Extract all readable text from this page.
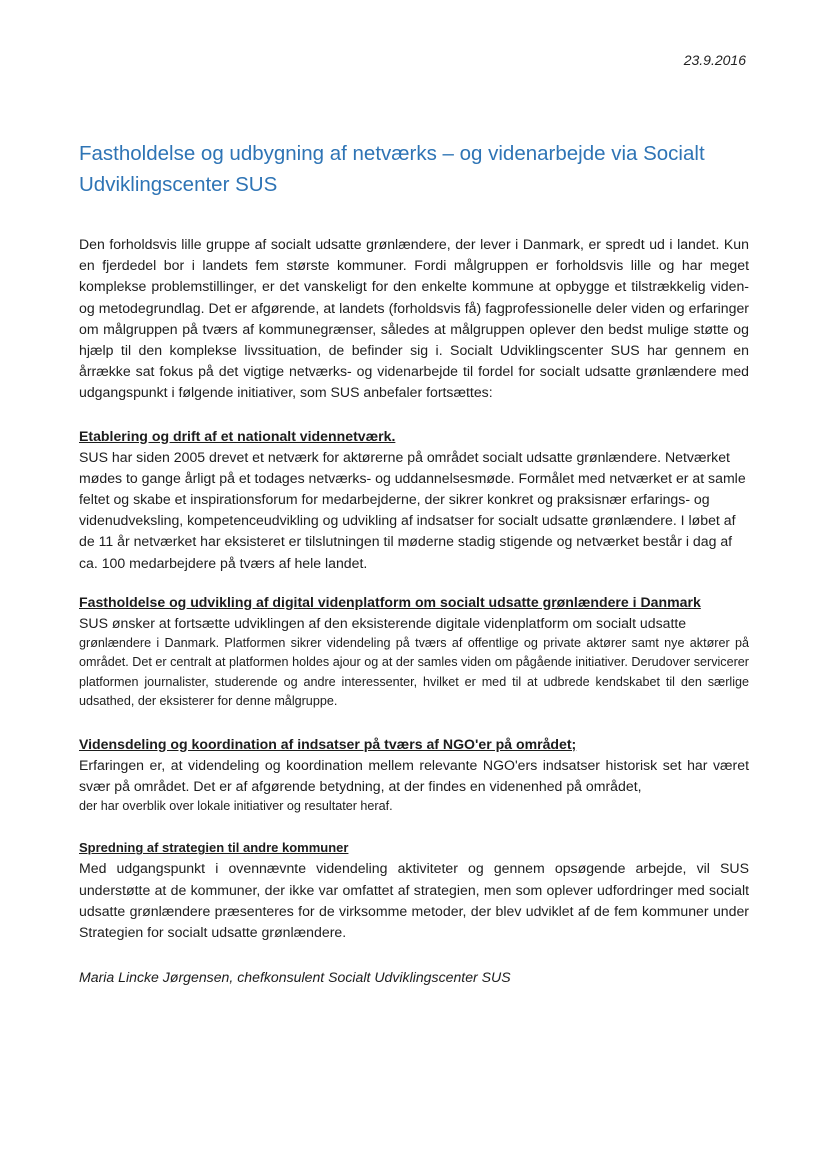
23.9.2016
Fastholdelse og udbygning af netværks – og videnarbejde via Socialt Udviklingscenter SUS

Den forholdsvis lille gruppe af socialt udsatte grønlændere, der lever i Danmark, er spredt ud i landet. Kun en fjerdedel bor i landets fem største kommuner. Fordi målgruppen er forholdsvis lille og har meget komplekse problemstillinger, er det vanskeligt for den enkelte kommune at opbygge et tilstrækkelig viden- og metodegrundlag. Det er afgørende, at landets (forholdsvis få) fagprofessionelle deler viden og erfaringer om målgruppen på tværs af kommunegrænser, således at målgruppen oplever den bedst mulige støtte og hjælp til den komplekse livssituation, de befinder sig i. Socialt Udviklingscenter SUS har gennem en årrække sat fokus på det vigtige netværks- og videnarbejde til fordel for socialt udsatte grønlændere med udgangspunkt i følgende initiativer, som SUS anbefaler fortsættes:

Etablering og drift af et nationalt vidennetværk.

SUS har siden 2005 drevet et netværk for aktørerne på området socialt udsatte grønlændere. Netværket mødes to gange årligt på et todages netværks- og uddannelsesmøde. Formålet med netværket er at samle feltet og skabe et inspirationsforum for medarbejderne, der sikrer konkret og praksisnær erfarings- og videnudveksling, kompetenceudvikling og udvikling af indsatser for socialt udsatte grønlændere. I løbet af de 11 år netværket har eksisteret er tilslutningen til møderne stadig stigende og netværket består i dag af ca. 100 medarbejdere på tværs af hele landet.

Fastholdelse og udvikling af digital videnplatform om socialt udsatte grønlændere i Danmark

SUS ønsker at fortsætte udviklingen af den eksisterende digitale videnplatform om socialt udsatte

grønlændere i Danmark. Platformen sikrer videndeling på tværs af offentlige og private aktører samt nye aktører på området. Det er centralt at platformen holdes ajour og at der samles viden om pågående initiativer. Derudover servicerer platformen journalister, studerende og andre interessenter, hvilket er med til at udbrede kendskabet til den særlige udsathed, der eksisterer for denne målgruppe.

Vidensdeling og koordination af indsatser på tværs af NGO'er på området;

Erfaringen er, at videndeling og koordination mellem relevante NGO'ers indsatser historisk set har været svær på området. Det er af afgørende betydning, at der findes en videnenhed på området,

der har overblik over lokale initiativer og resultater heraf.

Spredning af strategien til andre kommuner

Med udgangspunkt i ovennævnte videndeling aktiviteter og gennem opsøgende arbejde, vil SUS understøtte at de kommuner, der ikke var omfattet af strategien, men som oplever udfordringer med socialt udsatte grønlændere præsenteres for de virksomme metoder, der blev udviklet af de fem kommuner under Strategien for socialt udsatte grønlændere.

Maria Lincke Jørgensen, chefkonsulent Socialt Udviklingscenter SUS
